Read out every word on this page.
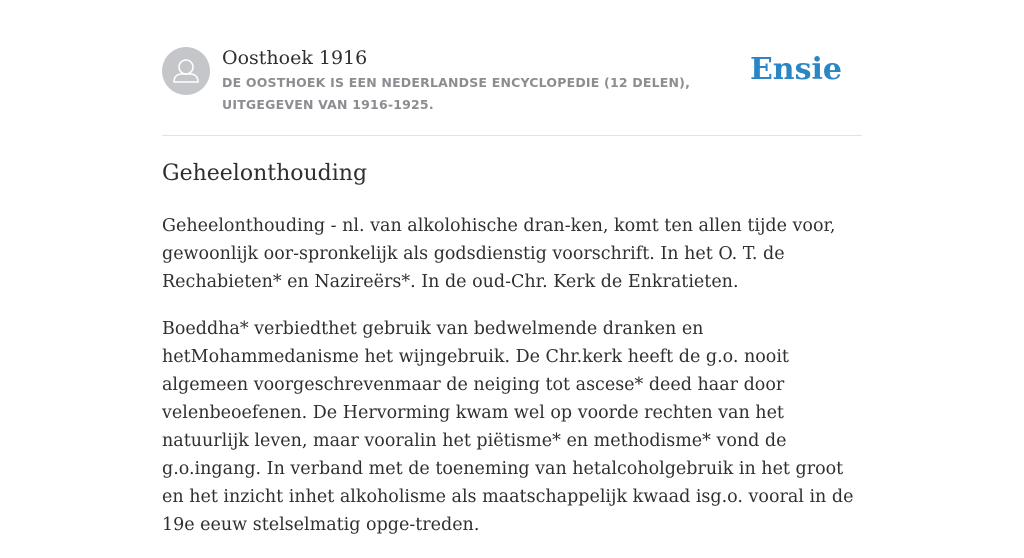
Oosthoek 1916
DE OOSTHOEK IS EEN NEDERLANDSE ENCYCLOPEDIE (12 DELEN), UITGEGEVEN VAN 1916-1925.
Ensie
Geheelonthouding

Geheelonthouding - nl. van alkolohische dran-ken, komt ten allen tijde voor, gewoonlijk oor-spronkelijk als godsdienstig voorschrift. In het O. T. de Rechabieten* en Nazireërs*. In de oud-Chr. Kerk de Enkratieten.

Boeddha* verbiedthet gebruik van bedwelmende dranken en hetMohammedanisme het wijngebruik. De Chr.kerk heeft de g.o. nooit algemeen voorgeschrevenmaar de neiging tot ascese* deed haar door velenbeoefenen. De Hervorming kwam wel op voorde rechten van het natuurlijk leven, maar vooralin het piëtisme* en methodisme* vond de g.o.ingang. In verband met de toeneming van hetalcoholgebruik in het groot en het inzicht inhet alkoholisme als maatschappelijk kwaad isg.o. vooral in de 19e eeuw stelselmatig opge-treden.
